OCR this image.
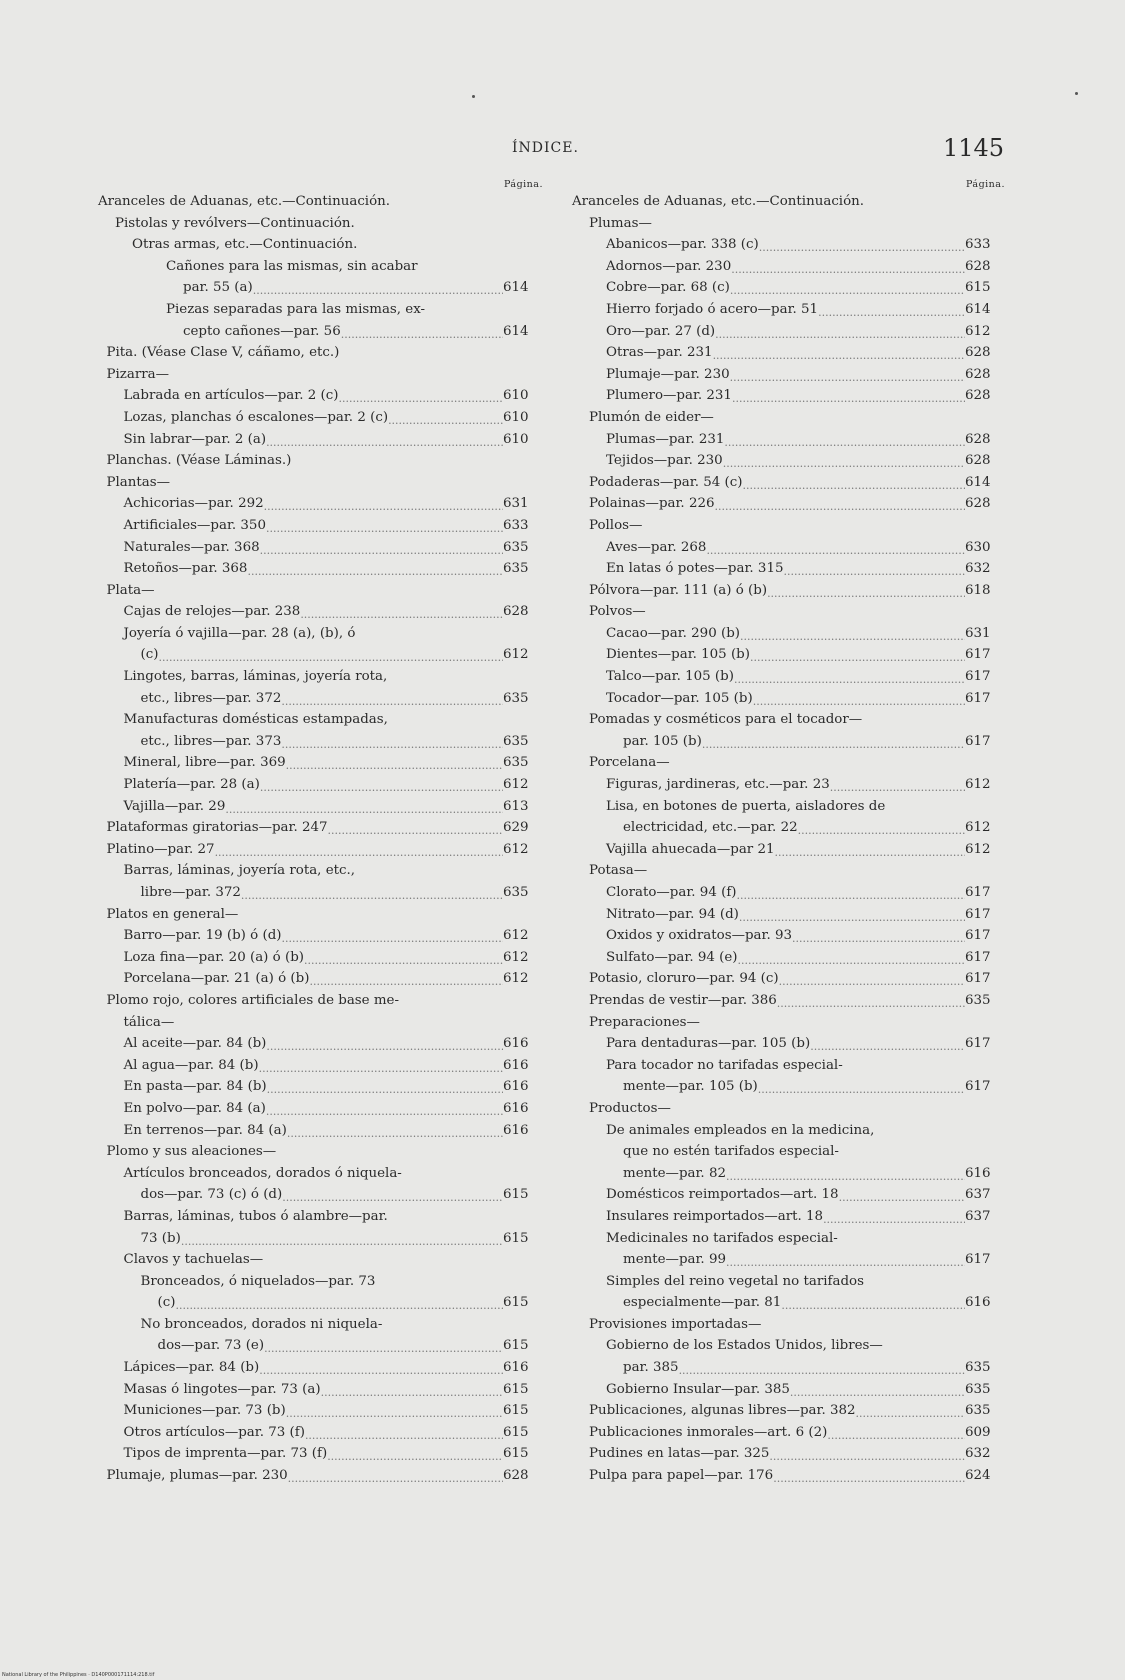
ÍNDICE.	1145
Página.
Aranceles de Aduanas, etc.—Continuación.
Pistolas y revólvers—Continuación.
Otras armas, etc.—Continuación.
Cañones para las mismas, sin acabar
par. 55 (a) .....	614
Piezas separadas para las mismas, ex-
cepto cañones—par. 56 .....	614
Pita. (Véase Clase V, cáñamo, etc.)
Pizarra—
Labrada en artículos—par. 2 (c) .....	610
Lozas, planchas ó escalones—par. 2 (c) .....	610
Sin labrar—par. 2 (a) .....	610
Planchas. (Véase Láminas.)
Plantas—
Achicorias—par. 292 .....	631
Artificiales—par. 350 .....	633
Naturales—par. 368 .....	635
Retoños—par. 368 .....	635
Plata—
Cajas de relojes—par. 238 .....	628
Joyería ó vajilla—par. 28 (a), (b), ó
(c) .....	612
Lingotes, barras, láminas, joyería rota,
etc., libres—par. 372 .....	635
Manufacturas domésticas estampadas,
etc., libres—par. 373 .....	635
Mineral, libre—par. 369 .....	635
Platería—par. 28 (a) .....	612
Vajilla—par. 29 .....	613
Plataformas giratorias—par. 247 .....	629
Platino—par. 27 .....	612
Barras, láminas, joyería rota, etc.,
libre—par. 372 .....	635
Platos en general—
Barro—par. 19 (b) ó (d) .....	612
Loza fina—par. 20 (a) ó (b) .....	612
Porcelana—par. 21 (a) ó (b) .....	612
Plomo rojo, colores artificiales de base me-
tálica—
Al aceite—par. 84 (b) .....	616
Al agua—par. 84 (b) .....	616
En pasta—par. 84 (b) .....	616
En polvo—par. 84 (a) .....	616
En terrenos—par. 84 (a) .....	616
Plomo y sus aleaciones—
Artículos bronceados, dorados ó niquela-
dos—par. 73 (c) ó (d) .....	615
Barras, láminas, tubos ó alambre—par.
73 (b) .....	615
Clavos y tachuelas—
Bronceados, ó niquelados—par. 73
(c) .....	615
No bronceados, dorados ni niquela-
dos—par. 73 (e) .....	615
Lápices—par. 84 (b) .....	616
Masas ó lingotes—par. 73 (a) .....	615
Municiones—par. 73 (b) .....	615
Otros artículos—par. 73 (f) .....	615
Tipos de imprenta—par. 73 (f) .....	615
Plumaje, plumas—par. 230 .....	628
Página.
Aranceles de Aduanas, etc.—Continuación.
Plumas—
Abanicos—par. 338 (c) .....	633
Adornos—par. 230 .....	628
Cobre—par. 68 (c) .....	615
Hierro forjado ó acero—par. 51 .....	614
Oro—par. 27 (d) .....	612
Otras—par. 231 .....	628
Plumaje—par. 230 .....	628
Plumero—par. 231 .....	628
Plumón de eider—
Plumas—par. 231 .....	628
Tejidos—par. 230 .....	628
Podaderas—par. 54 (c) .....	614
Polainas—par. 226 .....	628
Pollos—
Aves—par. 268 .....	630
En latas ó potes—par. 315 .....	632
Pólvora—par. 111 (a) ó (b) .....	618
Polvos—
Cacao—par. 290 (b) .....	631
Dientes—par. 105 (b) .....	617
Talco—par. 105 (b) .....	617
Tocador—par. 105 (b) .....	617
Pomadas y cosméticos para el tocador—
par. 105 (b) .....	617
Porcelana—
Figuras, jardineras, etc.—par. 23 .....	612
Lisa, en botones de puerta, aisladores de
electricidad, etc.—par. 22 .....	612
Vajilla ahuecada—par 21 .....	612
Potasa—
Clorato—par. 94 (f) .....	617
Nitrato—par. 94 (d) .....	617
Oxidos y oxidratos—par. 93 .....	617
Sulfato—par. 94 (e) .....	617
Potasio, cloruro—par. 94 (c) .....	617
Prendas de vestir—par. 386 .....	635
Preparaciones—
Para dentaduras—par. 105 (b) .....	617
Para tocador no tarifadas especial-
mente—par. 105 (b) .....	617
Productos—
De animales empleados en la medicina,
que no estén tarifados especial-
mente—par. 82 .....	616
Domésticos reimportados—art. 18 .....	637
Insulares reimportados—art. 18 .....	637
Medicinales no tarifados especial-
mente—par. 99 .....	617
Simples del reino vegetal no tarifados
especialmente—par. 81 .....	616
Provisiones importadas—
Gobierno de los Estados Unidos, libres—
par. 385 .....	635
Gobierno Insular—par. 385 .....	635
Publicaciones, algunas libres—par. 382 .....	635
Publicaciones inmorales—art. 6 (2) .....	609
Pudines en latas—par. 325 .....	632
Pulpa para papel—par. 176 .....	624
National Library of the Philippines · D140P000171114:218.tif
